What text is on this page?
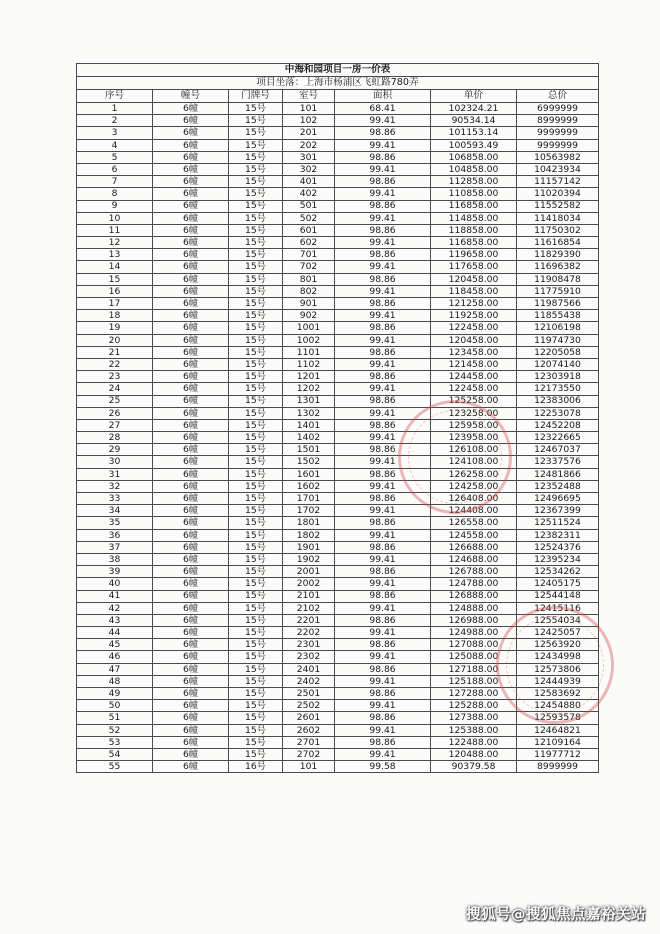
中海和园项目一房一价表						
项目坐落：上海市杨浦区飞虹路780弄						
序号	幢号	门牌号	室号	面积	单价	总价
1	6幢	15号	101	68.41	102324.21	6999999
2	6幢	15号	102	99.41	90534.14	8999999
3	6幢	15号	201	98.86	101153.14	9999999
4	6幢	15号	202	99.41	100593.49	9999999
5	6幢	15号	301	98.86	106858.00	10563982
6	6幢	15号	302	99.41	104858.00	10423934
7	6幢	15号	401	98.86	112858.00	11157142
8	6幢	15号	402	99.41	110858.00	11020394
9	6幢	15号	501	98.86	116858.00	11552582
10	6幢	15号	502	99.41	114858.00	11418034
11	6幢	15号	601	98.86	118858.00	11750302
12	6幢	15号	602	99.41	116858.00	11616854
13	6幢	15号	701	98.86	119658.00	11829390
14	6幢	15号	702	99.41	117658.00	11696382
15	6幢	15号	801	98.86	120458.00	11908478
16	6幢	15号	802	99.41	118458.00	11775910
17	6幢	15号	901	98.86	121258.00	11987566
18	6幢	15号	902	99.41	119258.00	11855438
19	6幢	15号	1001	98.86	122458.00	12106198
20	6幢	15号	1002	99.41	120458.00	11974730
21	6幢	15号	1101	98.86	123458.00	12205058
22	6幢	15号	1102	99.41	121458.00	12074140
23	6幢	15号	1201	98.86	124458.00	12303918
24	6幢	15号	1202	99.41	122458.00	12173550
25	6幢	15号	1301	98.86	125258.00	12383006
26	6幢	15号	1302	99.41	123258.00	12253078
27	6幢	15号	1401	98.86	125958.00	12452208
28	6幢	15号	1402	99.41	123958.00	12322665
29	6幢	15号	1501	98.86	126108.00	12467037
30	6幢	15号	1502	99.41	124108.00	12337576
31	6幢	15号	1601	98.86	126258.00	12481866
32	6幢	15号	1602	99.41	124258.00	12352488
33	6幢	15号	1701	98.86	126408.00	12496695
34	6幢	15号	1702	99.41	124408.00	12367399
35	6幢	15号	1801	98.86	126558.00	12511524
36	6幢	15号	1802	99.41	124558.00	12382311
37	6幢	15号	1901	98.86	126688.00	12524376
38	6幢	15号	1902	99.41	124688.00	12395234
39	6幢	15号	2001	98.86	126788.00	12534262
40	6幢	15号	2002	99.41	124788.00	12405175
41	6幢	15号	2101	98.86	126888.00	12544148
42	6幢	15号	2102	99.41	124888.00	12415116
43	6幢	15号	2201	98.86	126988.00	12554034
44	6幢	15号	2202	99.41	124988.00	12425057
45	6幢	15号	2301	98.86	127088.00	12563920
46	6幢	15号	2302	99.41	125088.00	12434998
47	6幢	15号	2401	98.86	127188.00	12573806
48	6幢	15号	2402	99.41	125188.00	12444939
49	6幢	15号	2501	98.86	127288.00	12583692
50	6幢	15号	2502	99.41	125288.00	12454880
51	6幢	15号	2601	98.86	127388.00	12593578
52	6幢	15号	2602	99.41	125388.00	12464821
53	6幢	15号	2701	98.86	122488.00	12109164
54	6幢	15号	2702	99.41	120488.00	11977712
55	6幢	16号	101	99.58	90379.58	8999999
搜狐号@搜狐焦点嘉裕关站
